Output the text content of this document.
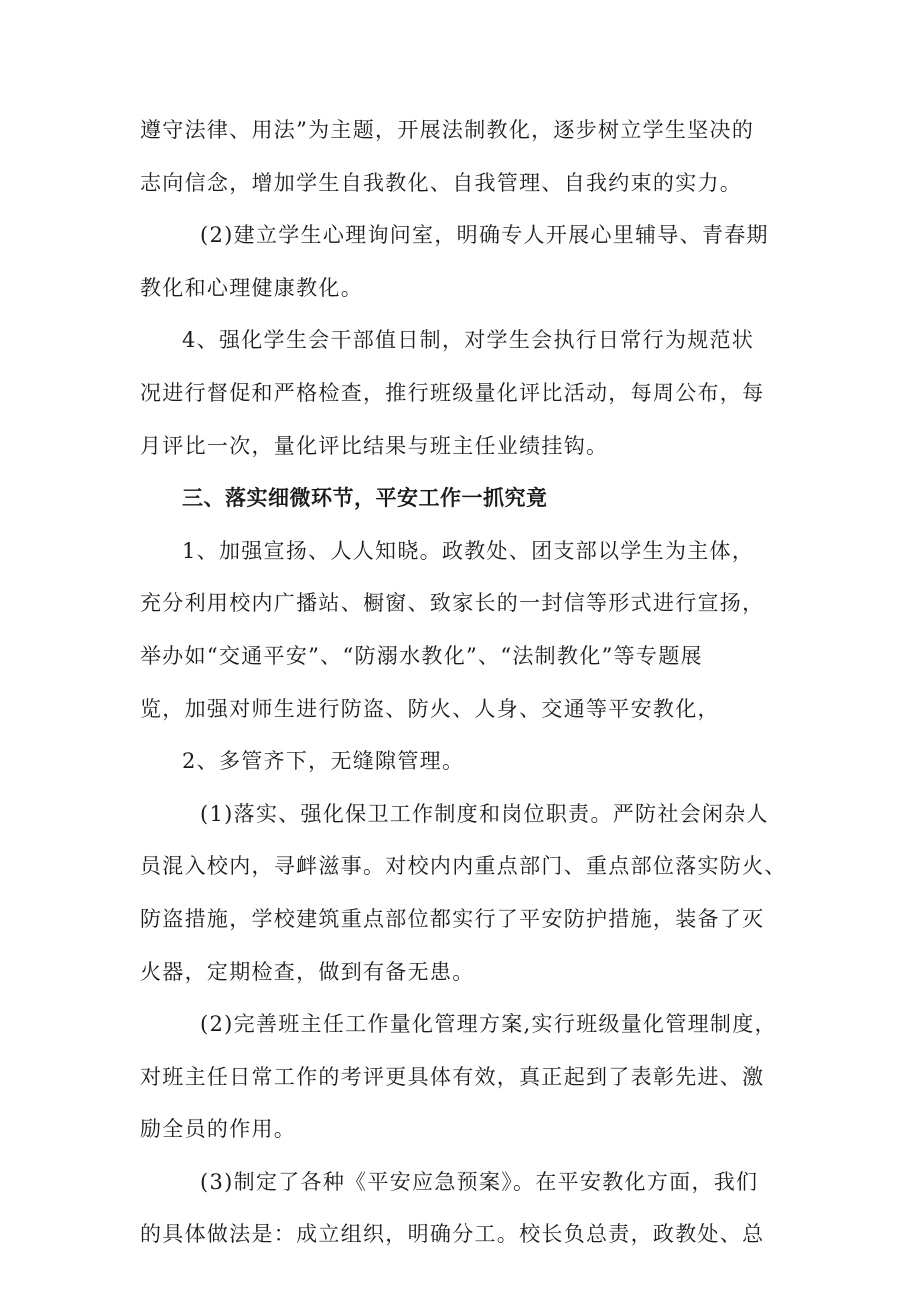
遵守法律、用法”为主题，开展法制教化，逐步树立学生坚决的
志向信念，增加学生自我教化、自我管理、自我约束的实力。
(2)建立学生心理询问室，明确专人开展心里辅导、青春期
教化和心理健康教化。
4、强化学生会干部值日制，对学生会执行日常行为规范状
况进行督促和严格检查，推行班级量化评比活动，每周公布，每
月评比一次，量化评比结果与班主任业绩挂钩。
三、落实细微环节，平安工作一抓究竟
1、加强宣扬、人人知晓。政教处、团支部以学生为主体，
充分利用校内广播站、橱窗、致家长的一封信等形式进行宣扬，
举办如“交通平安”、“防溺水教化”、“法制教化”等专题展
览，加强对师生进行防盗、防火、人身、交通等平安教化，
2、多管齐下，无缝隙管理。
(1)落实、强化保卫工作制度和岗位职责。严防社会闲杂人
员混入校内，寻衅滋事。对校内内重点部门、重点部位落实防火、
防盗措施，学校建筑重点部位都实行了平安防护措施，装备了灭
火器，定期检查，做到有备无患。
(2)完善班主任工作量化管理方案,实行班级量化管理制度，
对班主任日常工作的考评更具体有效，真正起到了表彰先进、激
励全员的作用。
(3)制定了各种《平安应急预案》。在平安教化方面，我们
的具体做法是：成立组织，明确分工。校长负总责，政教处、总
